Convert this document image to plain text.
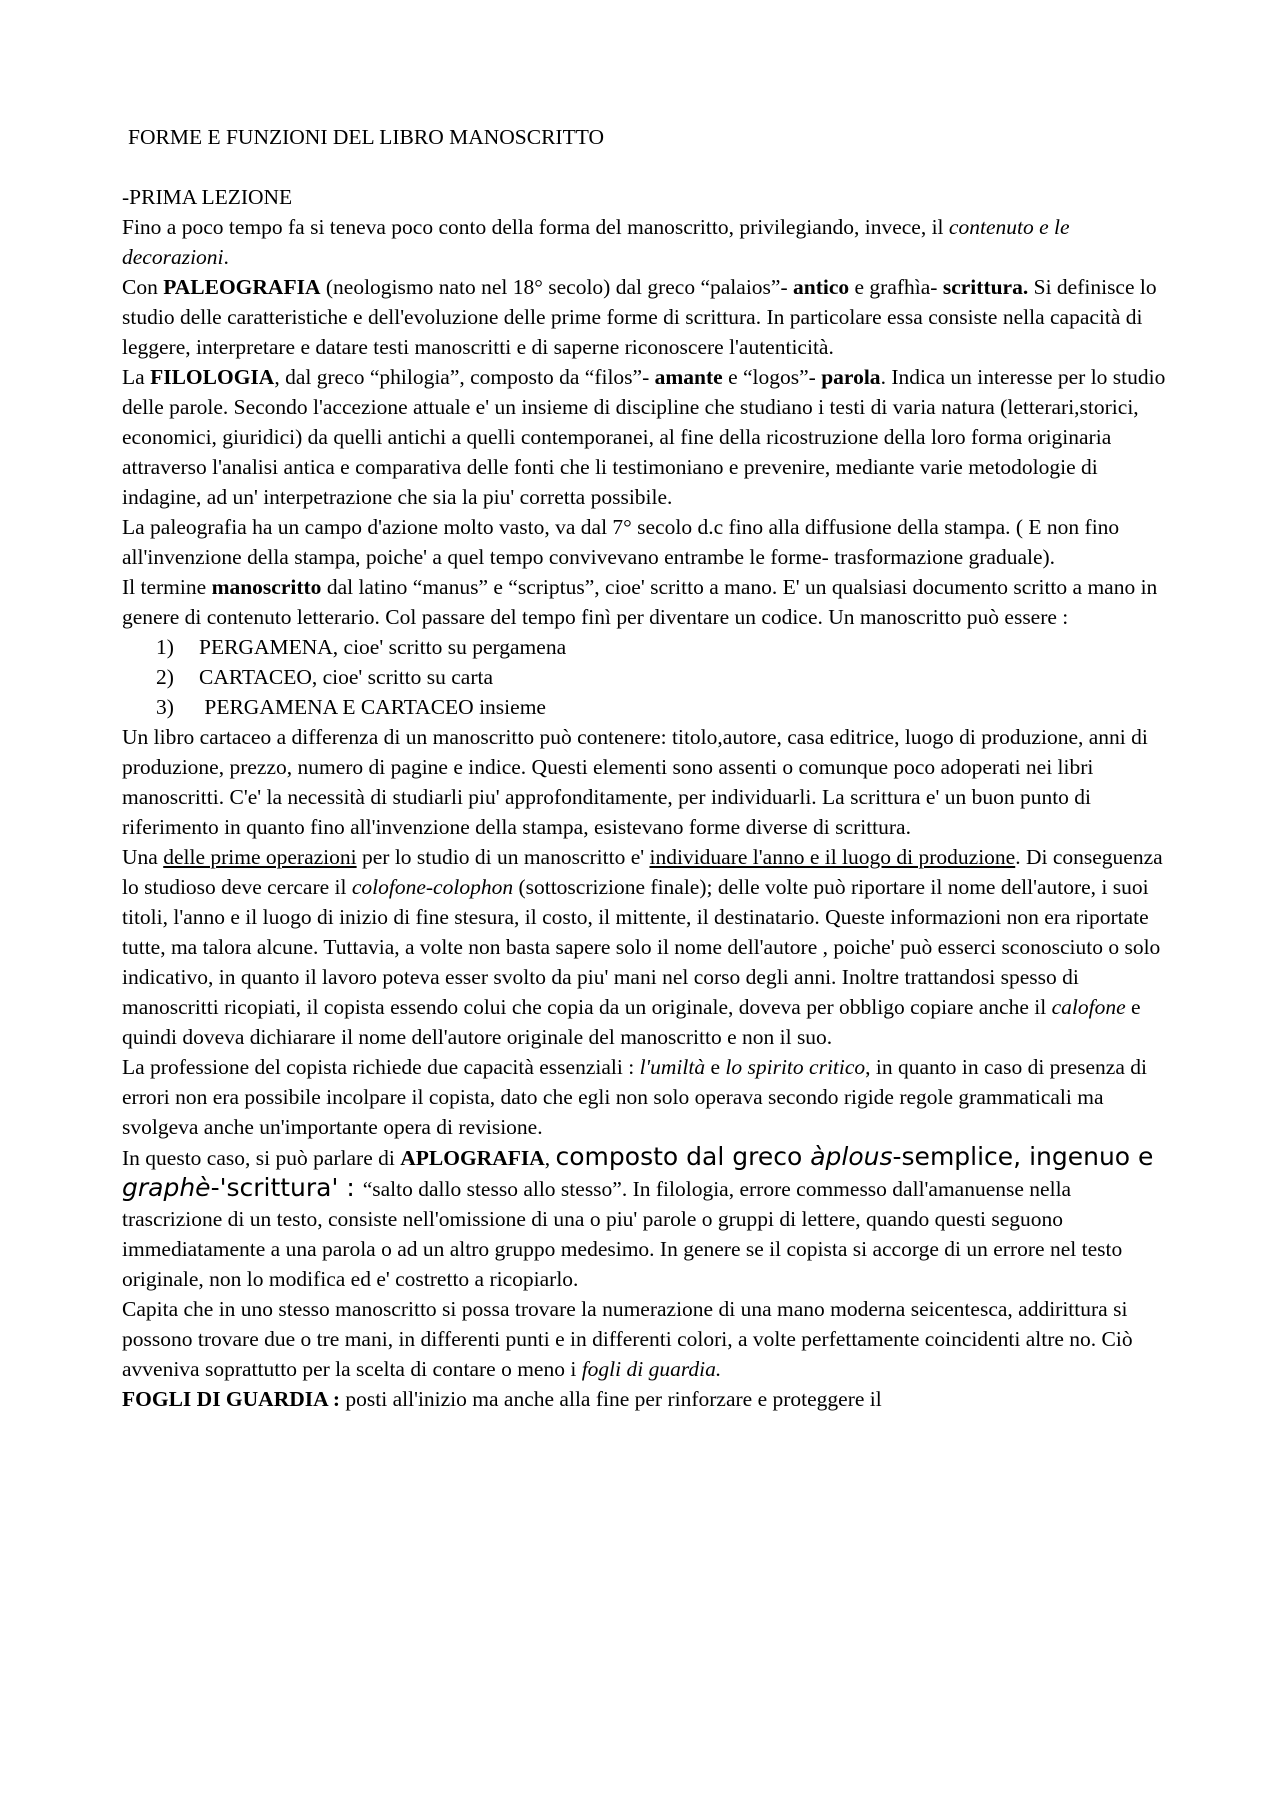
FORME E FUNZIONI DEL LIBRO MANOSCRITTO

-PRIMA LEZIONE

Fino a poco tempo fa si teneva poco conto della forma del manoscritto, privilegiando, invece, il contenuto e le decorazioni.

Con PALEOGRAFIA (neologismo nato nel 18° secolo) dal greco “palaios”- antico e grafhìa- scrittura. Si definisce lo studio delle caratteristiche e dell'evoluzione delle prime forme di scrittura. In particolare essa consiste nella capacità di leggere, interpretare e datare testi manoscritti e di saperne riconoscere l'autenticità.

La FILOLOGIA, dal greco “philogia”, composto da “filos”- amante e “logos”- parola. Indica un interesse per lo studio delle parole. Secondo l'accezione attuale e' un insieme di discipline che studiano i testi di varia natura (letterari,storici, economici, giuridici) da quelli antichi a quelli contemporanei, al fine della ricostruzione della loro forma originaria attraverso l'analisi antica e comparativa delle fonti che li testimoniano e prevenire, mediante varie metodologie di indagine, ad un' interpetrazione che sia la piu' corretta possibile.

La paleografia ha un campo d'azione molto vasto, va dal 7° secolo d.c fino alla diffusione della stampa. ( E non fino all'invenzione della stampa, poiche' a quel tempo convivevano entrambe le forme- trasformazione graduale).

Il termine manoscritto dal latino “manus” e “scriptus”, cioe' scritto a mano. E' un qualsiasi documento scritto a mano in genere di contenuto letterario. Col passare del tempo finì per diventare un codice. Un manoscritto può essere :

1) PERGAMENA, cioe' scritto su pergamena
2) CARTACEO, cioe' scritto su carta
3) PERGAMENA E CARTACEO insieme

Un libro cartaceo a differenza di un manoscritto può contenere: titolo,autore, casa editrice, luogo di produzione, anni di produzione, prezzo, numero di pagine e indice. Questi elementi sono assenti o comunque poco adoperati nei libri manoscritti. C'e' la necessità di studiarli piu' approfonditamente, per individuarli. La scrittura e' un buon punto di riferimento in quanto fino all'invenzione della stampa, esistevano forme diverse di scrittura.

Una delle prime operazioni per lo studio di un manoscritto e' individuare l'anno e il luogo di produzione. Di conseguenza lo studioso deve cercare il colofone-colophon (sottoscrizione finale); delle volte può riportare il nome dell'autore, i suoi titoli, l'anno e il luogo di inizio di fine stesura, il costo, il mittente, il destinatario. Queste informazioni non era riportate tutte, ma talora alcune. Tuttavia, a volte non basta sapere solo il nome dell'autore , poiche' può esserci sconosciuto o solo indicativo, in quanto il lavoro poteva esser svolto da piu' mani nel corso degli anni. Inoltre trattandosi spesso di manoscritti ricopiati, il copista essendo colui che copia da un originale, doveva per obbligo copiare anche il calofone e quindi doveva dichiarare il nome dell'autore originale del manoscritto e non il suo.

La professione del copista richiede due capacità essenziali : l'umiltà e lo spirito critico, in quanto in caso di presenza di errori non era possibile incolpare il copista, dato che egli non solo operava secondo rigide regole grammaticali ma svolgeva anche un'importante opera di revisione.

In questo caso, si può parlare di APLOGRAFIA, composto dal greco àplous-semplice, ingenuo e graphè-'scrittura' : “salto dallo stesso allo stesso”. In filologia, errore commesso dall'amanuense nella trascrizione di un testo, consiste nell'omissione di una o piu' parole o gruppi di lettere, quando questi seguono immediatamente a una parola o ad un altro gruppo medesimo. In genere se il copista si accorge di un errore nel testo originale, non lo modifica ed e' costretto a ricopiarlo.

Capita che in uno stesso manoscritto si possa trovare la numerazione di una mano moderna seicentesca, addirittura si possono trovare due o tre mani, in differenti punti e in differenti colori, a volte perfettamente coincidenti altre no. Ciò avveniva soprattutto per la scelta di contare o meno i fogli di guardia.

FOGLI DI GUARDIA : posti all'inizio ma anche alla fine per rinforzare e proteggere il
